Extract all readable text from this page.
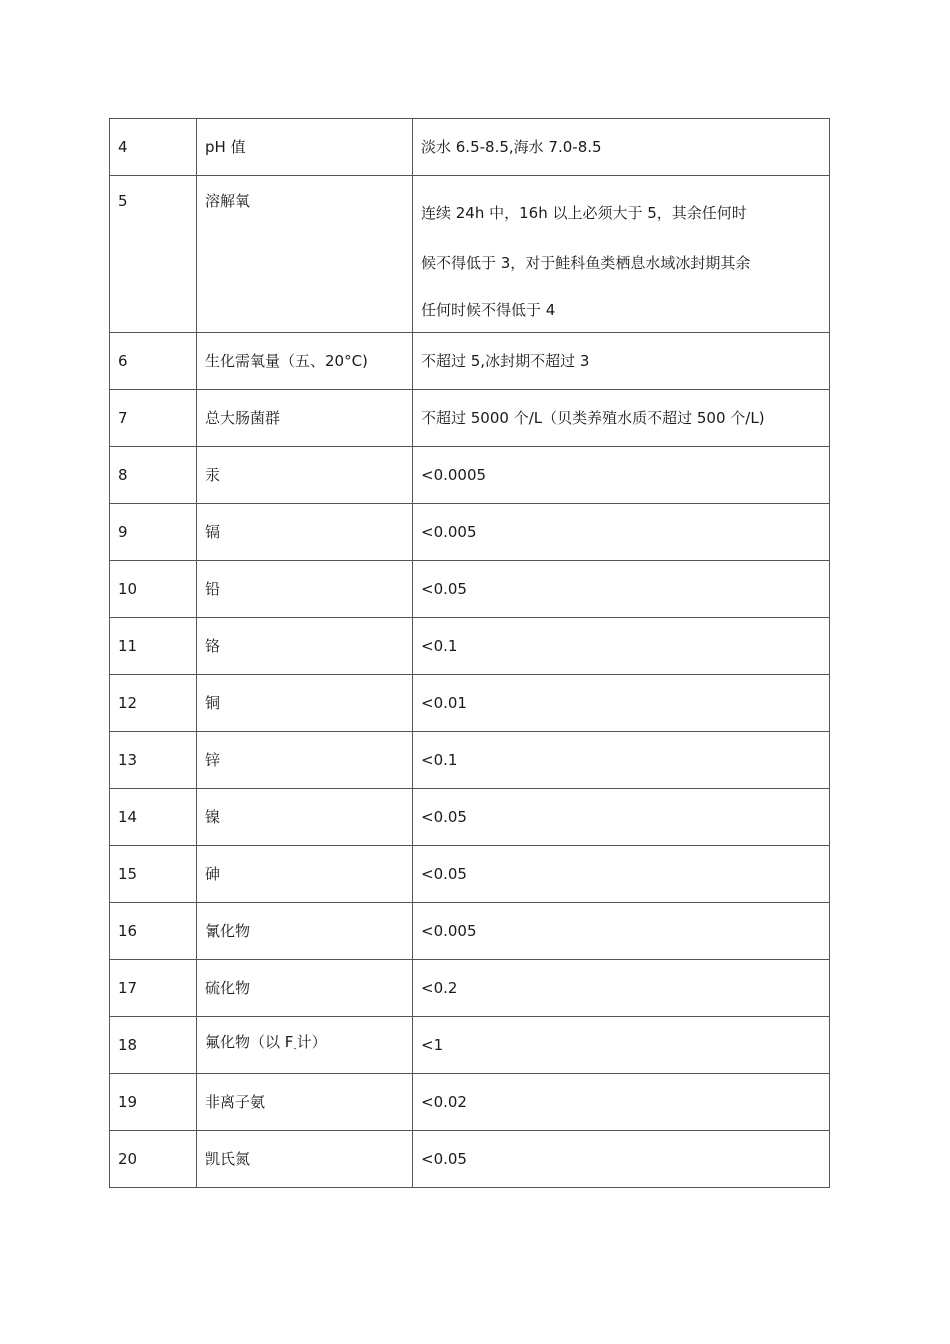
4	pH 值	淡水 6.5-8.5,海水 7.0-8.5
5	溶解氧	连续 24h 中，16h 以上必须大于 5，其余任何时
候不得低于 3，对于鲑科鱼类栖息水域冰封期其余
任何时候不得低于 4

6	生化需氧量（五、20°C)	不超过 5,冰封期不超过 3
7	总大肠菌群	不超过 5000 个/L（贝类养殖水质不超过 500 个/L)
8	汞	<0.0005
9	镉	<0.005
10	铅	<0.05
11	铬	<0.1
12	铜	<0.01
13	锌	<0.1
14	镍	<0.05
15	砷	<0.05
16	氰化物	<0.005
17	硫化物	<0.2
18	氟化物（以 $F_-$计）	<1
19	非离子氨	<0.02
20	凯氏氮	<0.05
